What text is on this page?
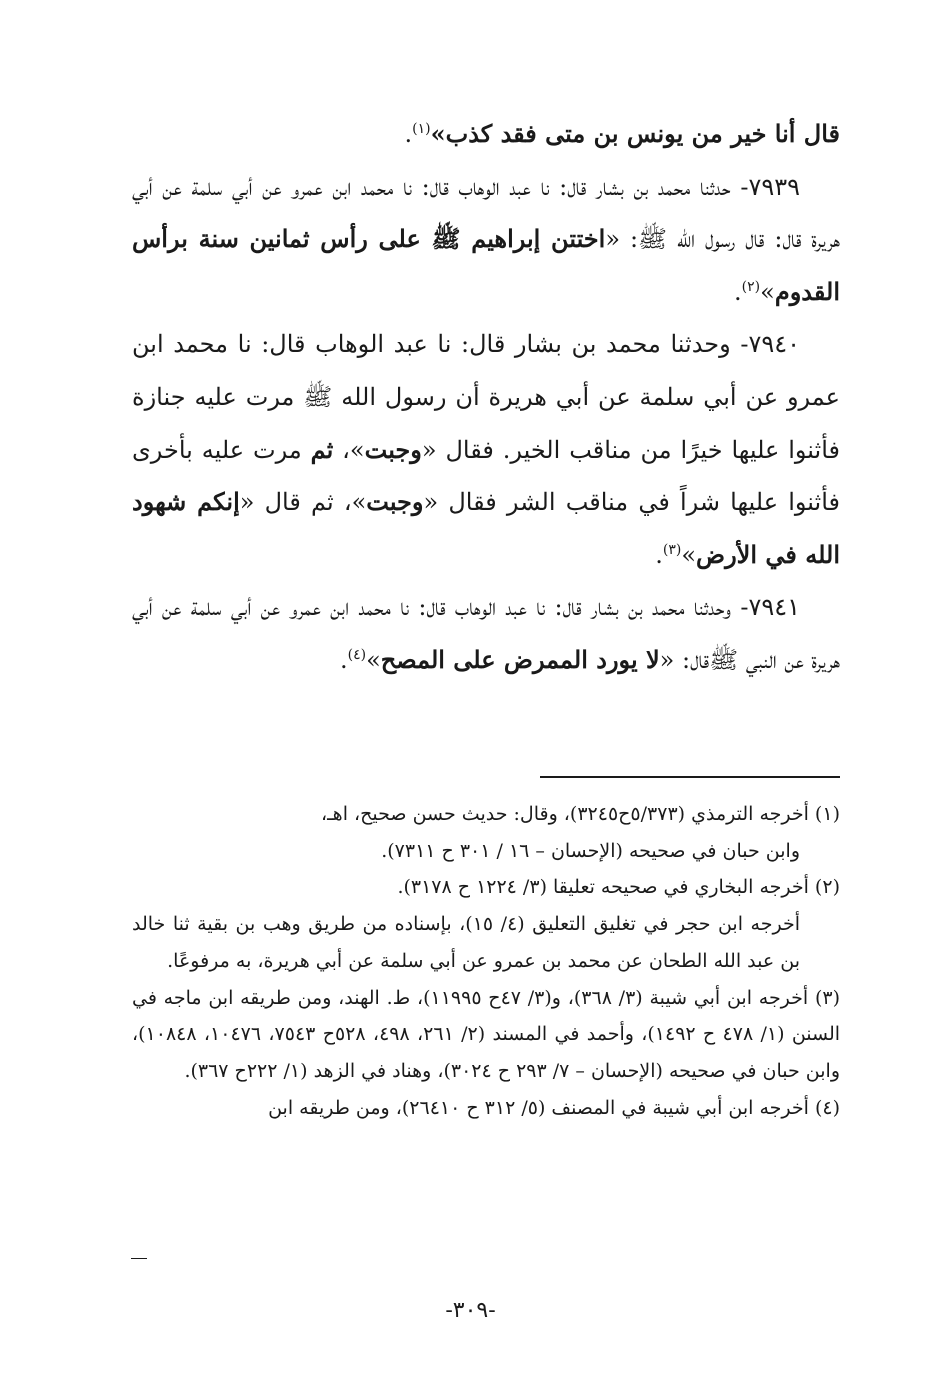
قال أنا خير من يونس بن متى فقد كذب»$^{(١)}$.

٧٩٣٩- حدثنا محمد بن بشار قال: نا عبد الوهاب قال: نا محمد ابن عمرو عن أبي سلمة عن أبي هريرة قال: قال رسول الله ﷺ: «اختتن إبراهيم ﷺ على رأس ثمانين سنة برأس القدوم»$^{(٢)}$.

٧٩٤٠- وحدثنا محمد بن بشار قال: نا عبد الوهاب قال: نا محمد ابن عمرو عن أبي سلمة عن أبي هريرة أن رسول الله ﷺ مرت عليه جنازة فأثنوا عليها خيرًا من مناقب الخير. فقال «وجبت»، ثم مرت عليه بأخرى فأثنوا عليها شراً في مناقب الشر فقال «وجبت»، ثم قال «إنكم شهود الله في الأرض»$^{(٣)}$.

٧٩٤١- وحدثنا محمد بن بشار قال: نا عبد الوهاب قال: نا محمد ابن عمرو عن أبي سلمة عن أبي هريرة عن النبي ﷺقال: «لا يورد الممرض على المصح»$^{(٤)}$.

(١) أخرجه الترمذي (٥/٣٧٣ح٣٢٤٥)، وقال: حديث حسن صحيح، اهـ،

وابن حبان في صحيحه (الإحسان – ١٦ / ٣٠١ ح ٧٣١١).

(٢) أخرجه البخاري في صحيحه تعليقا (٣/ ١٢٢٤ ح ٣١٧٨).

أخرجه ابن حجر في تغليق التعليق (٤/ ١٥)، بإسناده من طريق وهب بن بقية ثنا خالد بن عبد الله الطحان عن محمد بن عمرو عن أبي سلمة عن أبي هريرة، به مرفوعًا.

(٣) أخرجه ابن أبي شيبة (٣/ ٣٦٨)، و(٣/ ٤٧ح ١١٩٩٥)، ط. الهند، ومن طريقه ابن ماجه في السنن (١/ ٤٧٨ ح ١٤٩٢)، وأحمد في المسند (٢/ ٢٦١، ٤٩٨، ٥٢٨ح ٧٥٤٣، ١٠٤٧٦، ١٠٨٤٨)، وابن حبان في صحيحه (الإحسان – ٧/ ٢٩٣ ح ٣٠٢٤)، وهناد في الزهد (١/ ٢٢٢ح ٣٦٧).

(٤) أخرجه ابن أبي شيبة في المصنف (٥/ ٣١٢ ح ٢٦٤١٠)، ومن طريقه ابن

-٣٠٩-
